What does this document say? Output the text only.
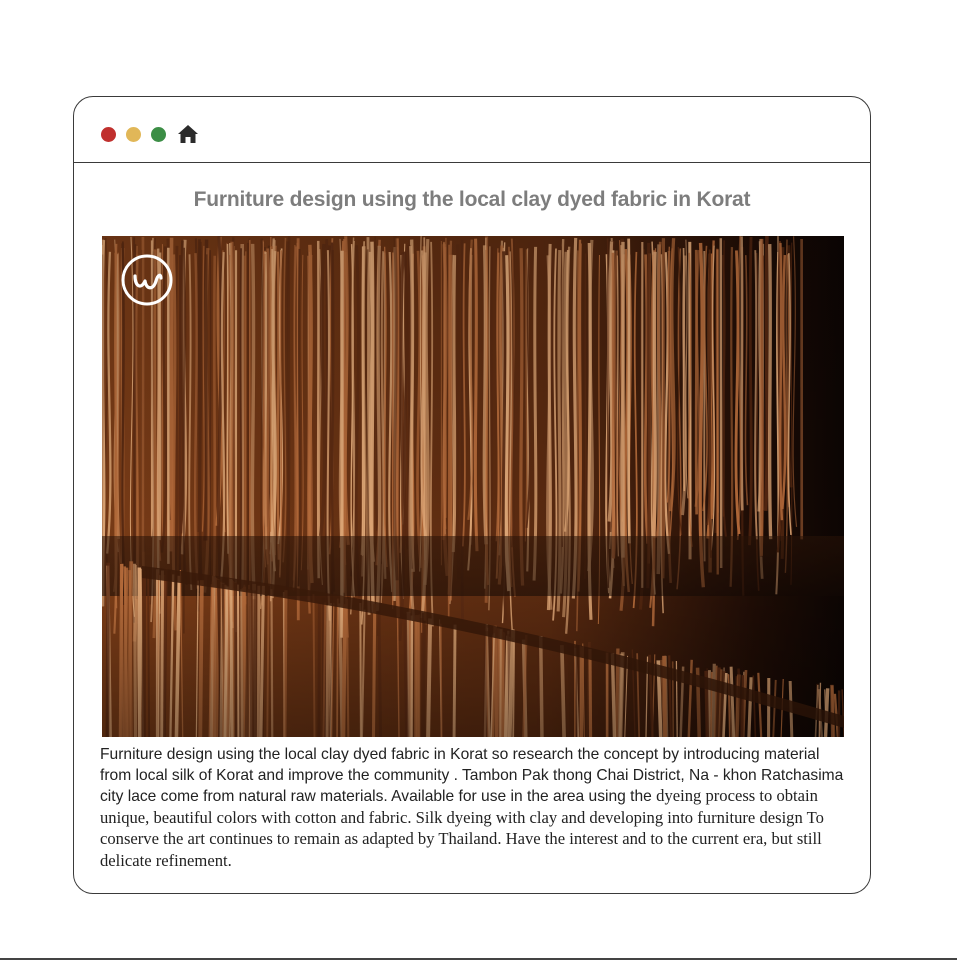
Furniture design using the local clay dyed fabric in Korat
Furniture design using the local clay dyed fabric in Korat so research the concept by introducing material from local silk of Korat and improve the community . Tambon Pak thong Chai District, Na - khon Ratchasima city lace come from natural raw materials. Available for use in the area using the dyeing process to obtain unique, beautiful colors with cotton and fabric. Silk dyeing with clay and developing into furniture design To conserve the art continues to remain as adapted by Thailand. Have the interest and to the current era, but still delicate refinement.
